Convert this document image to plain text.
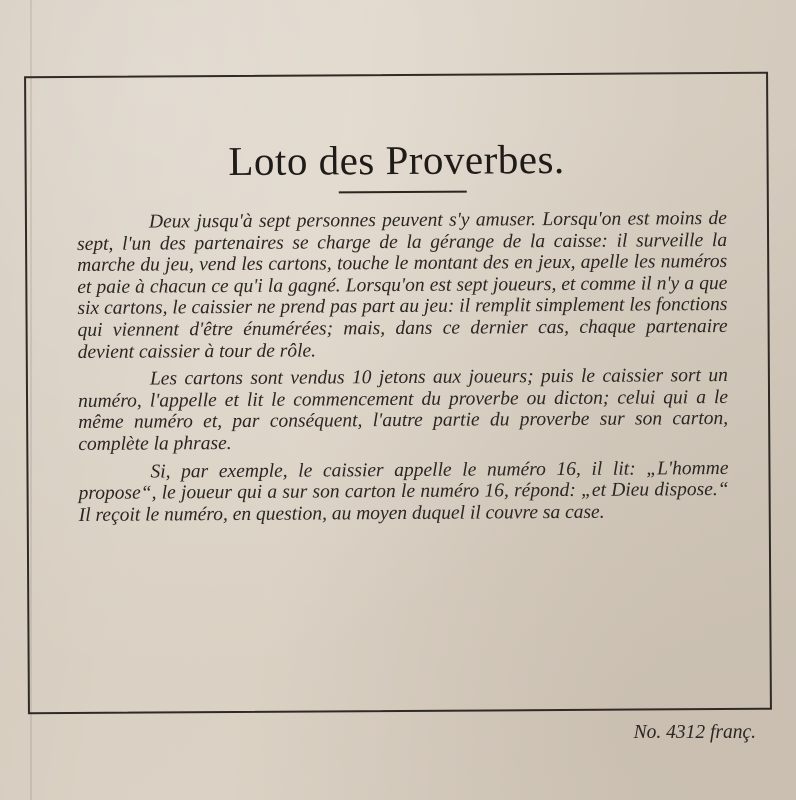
Loto des Proverbes.

Deux jusqu'à sept personnes peuvent s'y amuser. Lorsqu'on est moins de sept, l'un des partenaires se charge de la gérange de la caisse: il surveille la marche du jeu, vend les cartons, touche le montant des en jeux, apelle les numéros et paie à chacun ce qu'i la gagné. Lorsqu'on est sept joueurs, et comme il n'y a que six cartons, le caissier ne prend pas part au jeu: il remplit simplement les fonctions qui viennent d'être énumérées; mais, dans ce dernier cas, chaque partenaire devient caissier à tour de rôle.

Les cartons sont vendus 10 jetons aux joueurs; puis le caissier sort un numéro, l'appelle et lit le commencement du proverbe ou dicton; celui qui a le même numéro et, par conséquent, l'autre partie du proverbe sur son carton, complète la phrase.

Si, par exemple, le caissier appelle le numéro 16, il lit: „L'homme propose“, le joueur qui a sur son carton le numéro 16, répond: „et Dieu dispose.“ Il reçoit le numéro, en question, au moyen duquel il couvre sa case.

No. 4312 franç.
